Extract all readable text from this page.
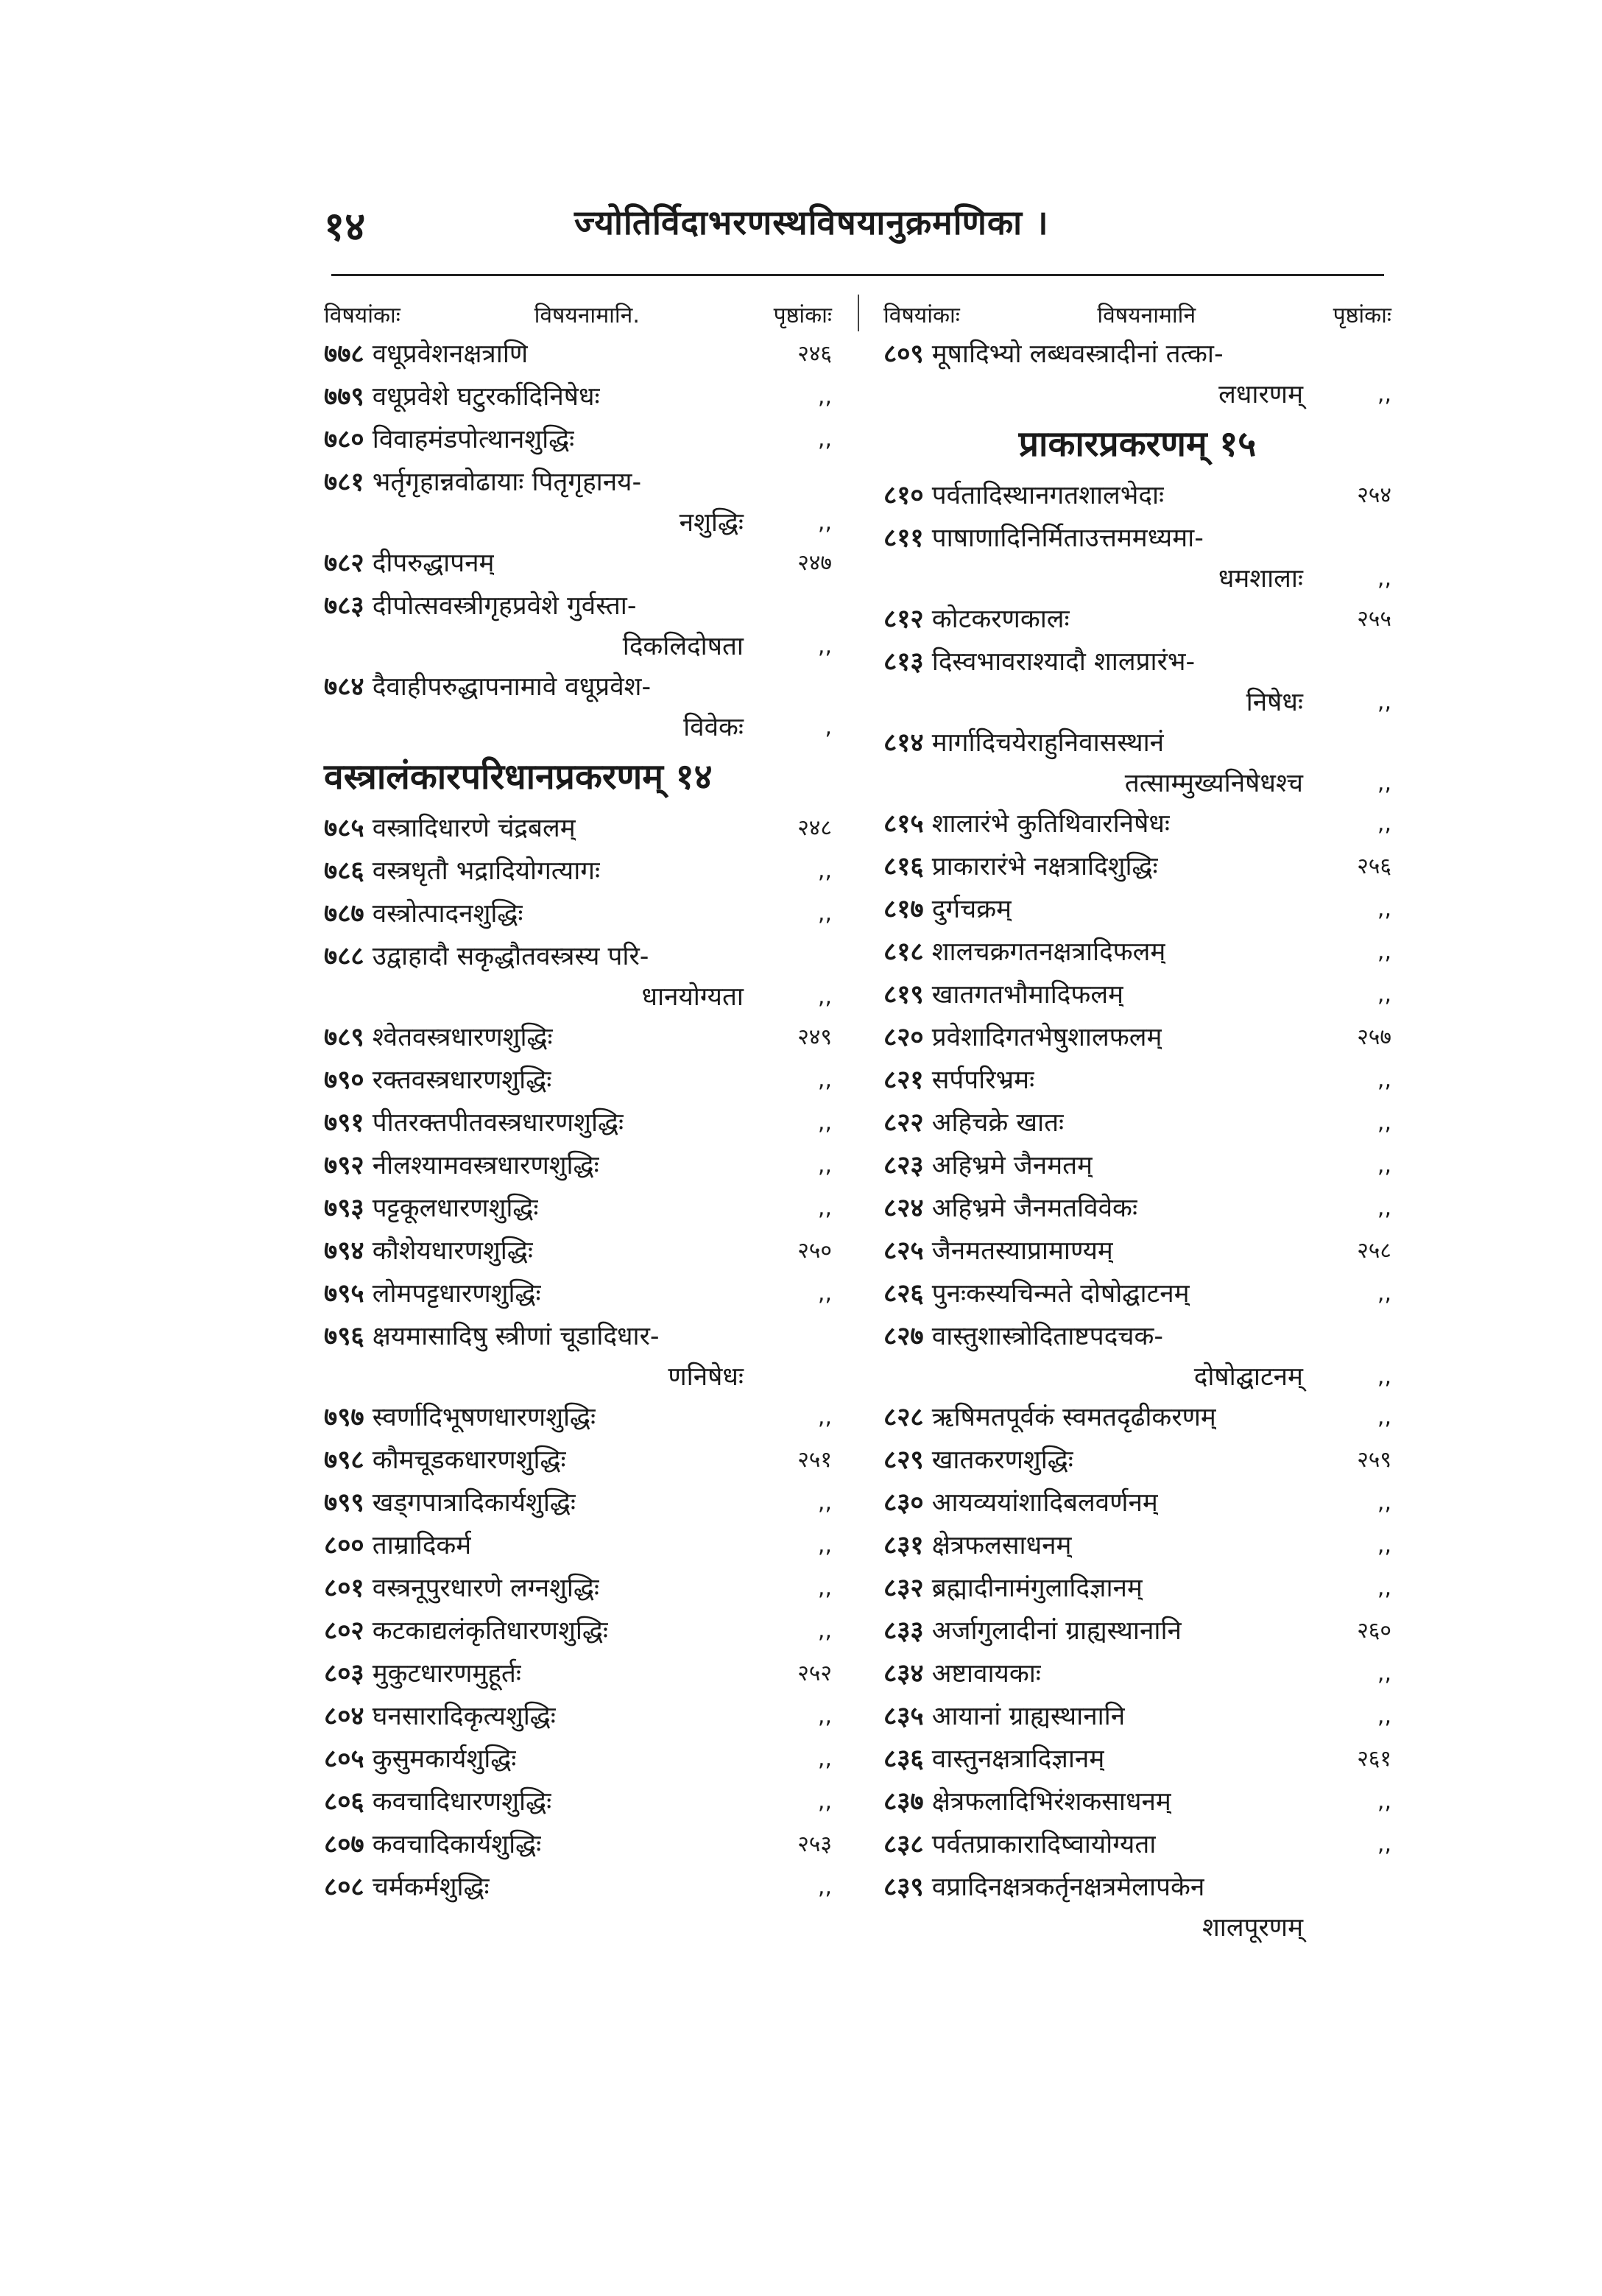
१४	ज्योतिर्विदाभरणस्थविषयानुक्रमणिका ।
विषयांकाः	विषयनामानि.	पृष्ठांकाः
७७८ वधूप्रवेशनक्षत्राणि	२४६
७७९ वधूप्रवेशे घटुरर्कादिनिषेधः	,,
७८० विवाहमंडपोत्थानशुद्धिः	,,
७८१ भर्तृगृहान्नवोढायाः पितृगृहानय-
नशुद्धिः	,,
७८२ दीपरुद्धापनम्	२४७
७८३ दीपोत्सवस्त्रीगृहप्रवेशे गुर्वस्ता-
दिकलिदोषता	,,
७८४ दैवाहीपरुद्धापनामावे वधूप्रवेश-
विवेकः	,
वस्त्रालंकारपरिधानप्रकरणम् १४
७८५ वस्त्रादिधारणे चंद्रबलम्	२४८
७८६ वस्त्रधृतौ भद्रादियोगत्यागः	,,
७८७ वस्त्रोत्पादनशुद्धिः	,,
७८८ उद्वाहादौ सकृद्धौतवस्त्रस्य परि-
धानयोग्यता	,,
७८९ श्वेतवस्त्रधारणशुद्धिः	२४९
७९० रक्तवस्त्रधारणशुद्धिः	,,
७९१ पीतरक्तपीतवस्त्रधारणशुद्धिः	,,
७९२ नीलश्यामवस्त्रधारणशुद्धिः	,,
७९३ पट्टकूलधारणशुद्धिः	,,
७९४ कौशेयधारणशुद्धिः	२५०
७९५ लोमपट्टधारणशुद्धिः	,,
७९६ क्षयमासादिषु स्त्रीणां चूडादिधार-
णनिषेधः
७९७ स्वर्णादिभूषणधारणशुद्धिः	,,
७९८ कौमचूडकधारणशुद्धिः	२५१
७९९ खड्गपात्रादिकार्यशुद्धिः	,,
८०० ताम्रादिकर्म	,,
८०१ वस्त्रनूपुरधारणे लग्नशुद्धिः	,,
८०२ कटकाद्यलंकृतिधारणशुद्धिः	,,
८०३ मुकुटधारणमुहूर्तः	२५२
८०४ घनसारादिकृत्यशुद्धिः	,,
८०५ कुसुमकार्यशुद्धिः	,,
८०६ कवचादिधारणशुद्धिः	,,
८०७ कवचादिकार्यशुद्धिः	२५३
८०८ चर्मकर्मशुद्धिः	,,
विषयांकाः	विषयनामानि	पृष्ठांकाः
८०९ मूषादिभ्यो लब्धवस्त्रादीनां तत्का-
लधारणम्	,,
प्राकारप्रकरणम् १५
८१० पर्वतादिस्थानगतशालभेदाः	२५४
८११ पाषाणादिनिर्मिताउत्तममध्यमा-
धमशालाः	,,
८१२ कोटकरणकालः	२५५
८१३ दिस्वभावराश्यादौ शालप्रारंभ-
निषेधः	,,
८१४ मार्गादिचयेराहुनिवासस्थानं
तत्साम्मुख्यनिषेधश्च	,,
८१५ शालारंभे कुतिथिवारनिषेधः	,,
८१६ प्राकारारंभे नक्षत्रादिशुद्धिः	२५६
८१७ दुर्गचक्रम्	,,
८१८ शालचक्रगतनक्षत्रादिफलम्	,,
८१९ खातगतभौमादिफलम्	,,
८२० प्रवेशादिगतभेषुशालफलम्	२५७
८२१ सर्पपरिभ्रमः	,,
८२२ अहिचक्रे खातः	,,
८२३ अहिभ्रमे जैनमतम्	,,
८२४ अहिभ्रमे जैनमतविवेकः	,,
८२५ जैनमतस्याप्रामाण्यम्	२५८
८२६ पुनःकस्यचिन्मते दोषोद्घाटनम्	,,
८२७ वास्तुशास्त्रोदिताष्टपदचक-
दोषोद्घाटनम्	,,
८२८ ऋषिमतपूर्वकं स्वमतदृढीकरणम्	,,
८२९ खातकरणशुद्धिः	२५९
८३० आयव्ययांशादिबलवर्णनम्	,,
८३१ क्षेत्रफलसाधनम्	,,
८३२ ब्रह्मादीनामंगुलादिज्ञानम्	,,
८३३ अर्जागुलादीनां ग्राह्यस्थानानि	२६०
८३४ अष्टावायकाः	,,
८३५ आयानां ग्राह्यस्थानानि	,,
८३६ वास्तुनक्षत्रादिज्ञानम्	२६१
८३७ क्षेत्रफलादिभिरंशकसाधनम्	,,
८३८ पर्वतप्राकारादिष्वायोग्यता	,,
८३९ वप्रादिनक्षत्रकर्तृनक्षत्रमेलापकेन
शालपूरणम्
